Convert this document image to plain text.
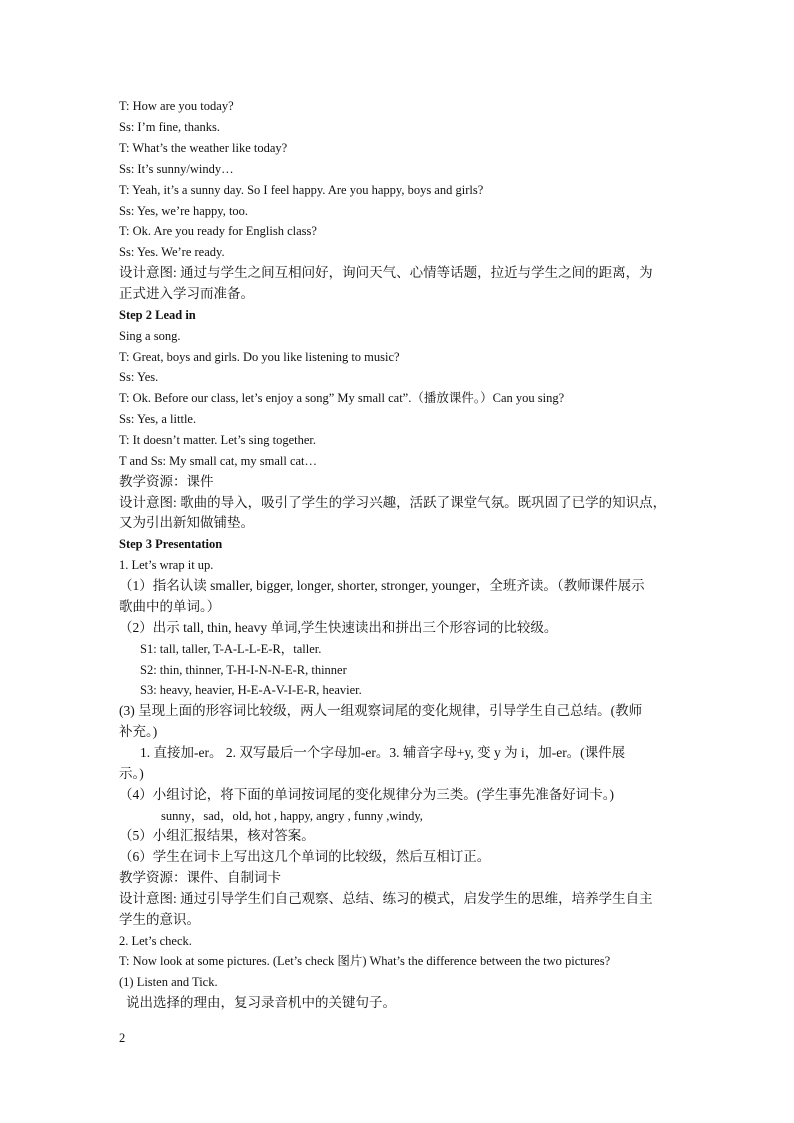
T: How are you today?
Ss: I’m fine, thanks.
T: What’s the weather like today?
Ss: It’s sunny/windy…
T: Yeah, it’s a sunny day. So I feel happy. Are you happy, boys and girls?
Ss: Yes, we’re happy, too.
T: Ok. Are you ready for English class?
Ss: Yes. We’re ready.
设计意图: 通过与学生之间互相问好，询问天气、心情等话题，拉近与学生之间的距离，为
正式进入学习而准备。
Step 2 Lead in
Sing a song.
T: Great, boys and girls. Do you like listening to music?
Ss: Yes.
T: Ok. Before our class, let’s enjoy a song” My small cat”.（播放课件。）Can you sing?
Ss: Yes, a little.
T: It doesn’t matter. Let’s sing together.
T and Ss: My small cat, my small cat…
教学资源：课件
设计意图: 歌曲的导入，吸引了学生的学习兴趣，活跃了课堂气氛。既巩固了已学的知识点，
又为引出新知做铺垫。
Step 3 Presentation
1. Let’s wrap it up.
（1）指名认读 smaller, bigger, longer, shorter, stronger, younger，全班齐读。（教师课件展示
歌曲中的单词。）
（2）出示 tall, thin, heavy 单词,学生快速读出和拼出三个形容词的比较级。
S1: tall, taller, T-A-L-L-E-R，taller.
S2: thin, thinner, T-H-I-N-N-E-R, thinner
S3: heavy, heavier, H-E-A-V-I-E-R, heavier.
(3) 呈现上面的形容词比较级，两人一组观察词尾的变化规律，引导学生自己总结。(教师
补充。)
1. 直接加-er。 2. 双写最后一个字母加-er。3. 辅音字母+y, 变 y 为 i，加-er。(课件展
示。)
（4）小组讨论，将下面的单词按词尾的变化规律分为三类。(学生事先准备好词卡。)
sunny，sad，old, hot , happy, angry , funny ,windy,
（5）小组汇报结果，核对答案。
（6）学生在词卡上写出这几个单词的比较级，然后互相订正。
教学资源：课件、自制词卡
设计意图: 通过引导学生们自己观察、总结、练习的模式，启发学生的思维，培养学生自主
学生的意识。
2. Let’s check.
T: Now look at some pictures. (Let’s check 图片) What’s the difference between the two pictures?
(1) Listen and Tick.
说出选择的理由，复习录音机中的关键句子。
2
